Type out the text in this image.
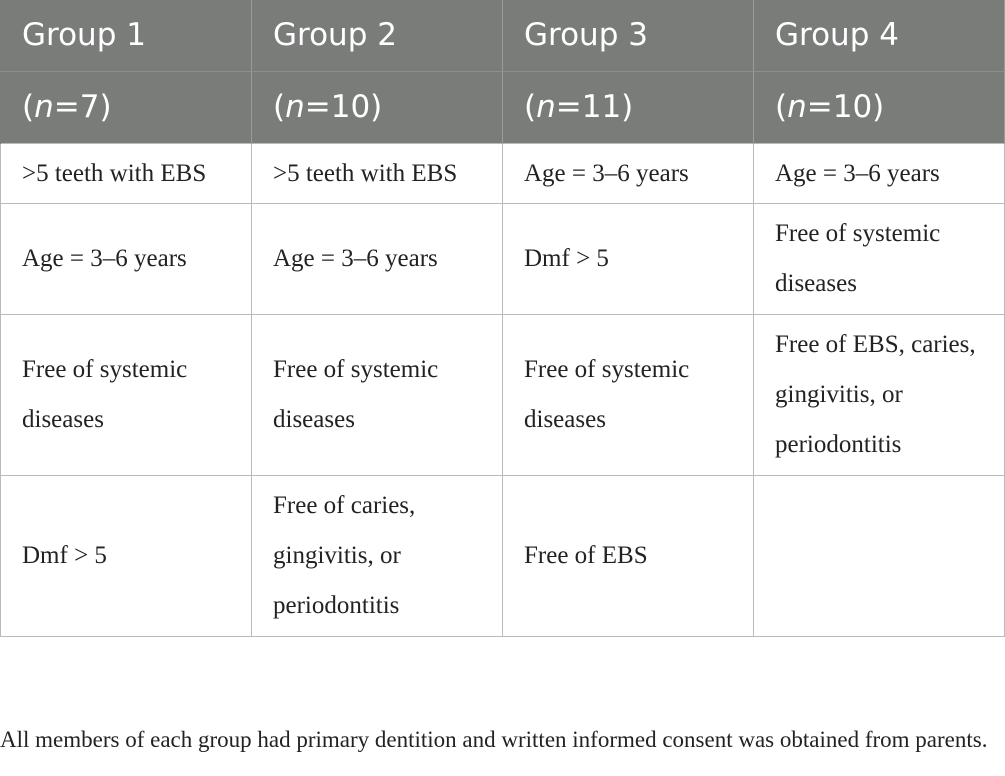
Group 1	Group 2	Group 3	Group 4
(n=7)	(n=10)	(n=11)	(n=10)
>5 teeth with EBS	>5 teeth with EBS	Age = 3–6 years	Age = 3–6 years
Age = 3–6 years	Age = 3–6 years	Dmf > 5	Free of systemic diseases
Free of systemic diseases	Free of systemic diseases	Free of systemic diseases	Free of EBS, caries, gingivitis, or periodontitis
Dmf > 5	Free of caries, gingivitis, or periodontitis	Free of EBS	

All members of each group had primary dentition and written informed consent was obtained from parents.
